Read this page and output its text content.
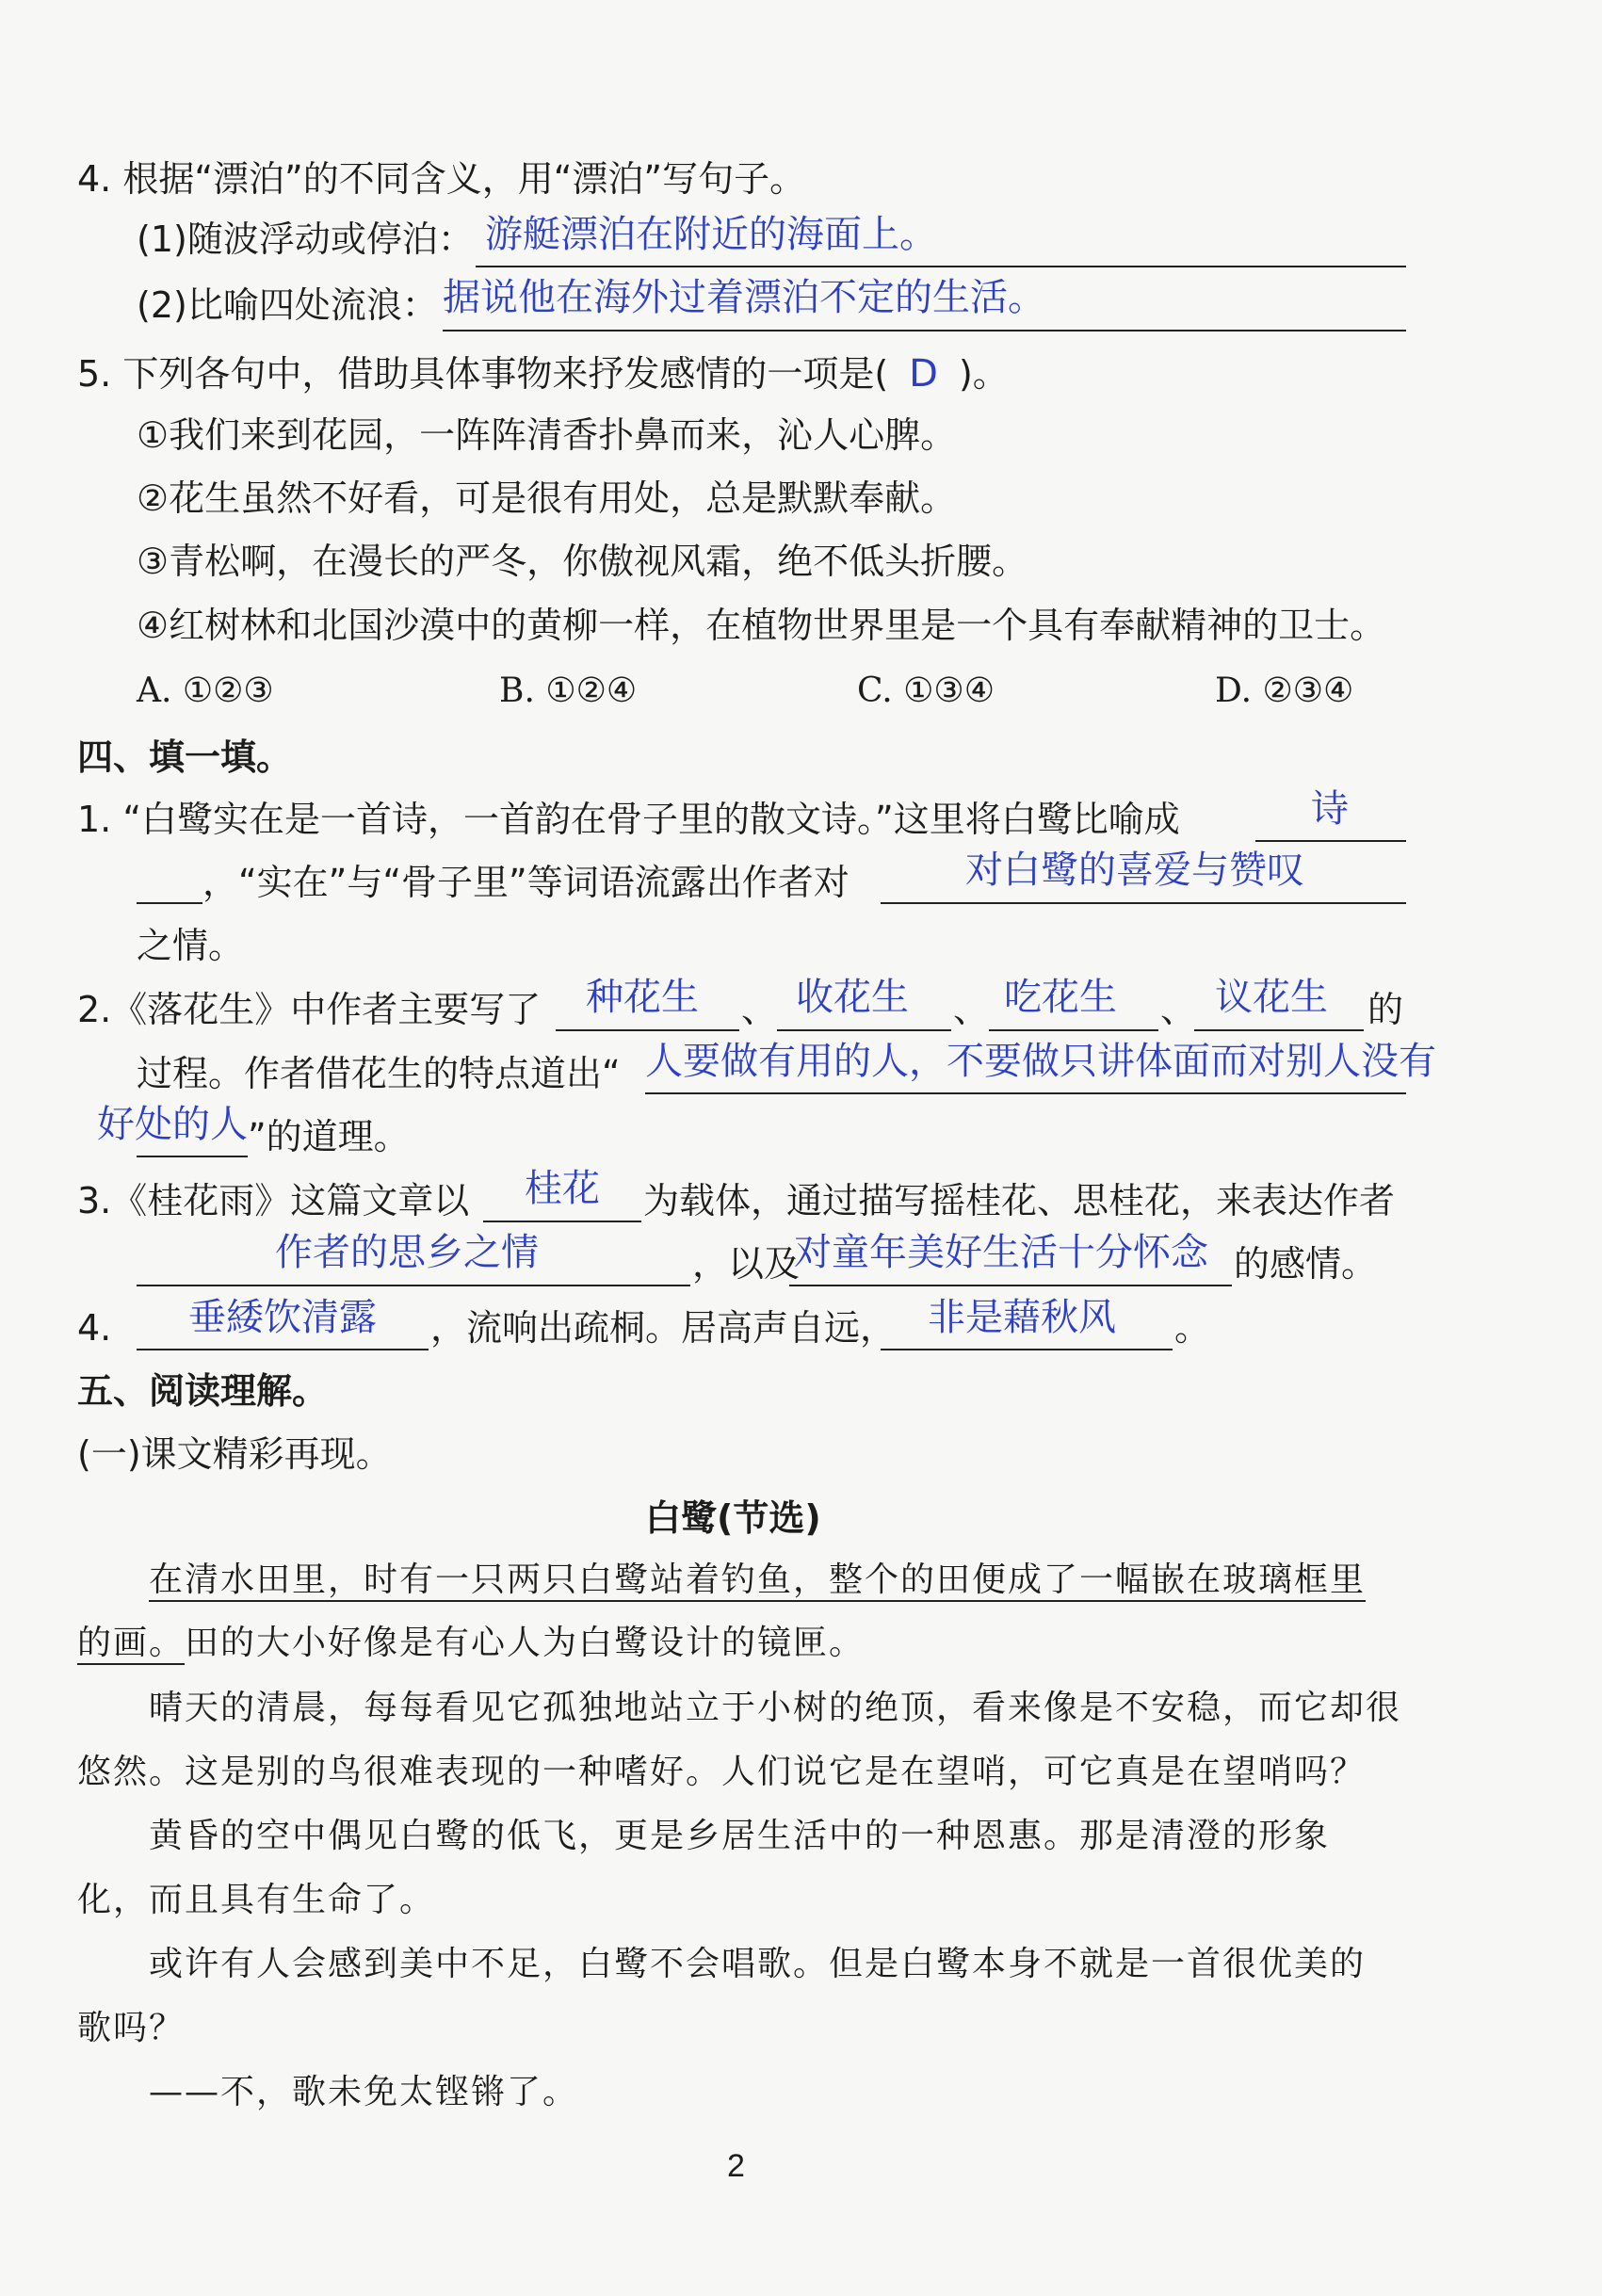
4. 根据“漂泊”的不同含义，用“漂泊”写句子。
(1)随波浮动或停泊： 游艇漂泊在附近的海面上。
(2)比喻四处流浪： 据说他在海外过着漂泊不定的生活。
5. 下列各句中，借助具体事物来抒发感情的一项是( D )。
①我们来到花园，一阵阵清香扑鼻而来，沁人心脾。
②花生虽然不好看，可是很有用处，总是默默奉献。
③青松啊，在漫长的严冬，你傲视风霜，绝不低头折腰。
④红树林和北国沙漠中的黄柳一样，在植物世界里是一个具有奉献精神的卫士。
A. ①②③	B. ①②④	C. ①③④	D. ②③④
四、填一填。
1. “白鹭实在是一首诗，一首韵在骨子里的散文诗。”这里将白鹭比喻成	诗
，“实在”与“骨子里”等词语流露出作者对	对白鹭的喜爱与赞叹
之情。
2.《落花生》中作者主要写了 种花生 、 收花生 、 吃花生 、 议花生 的
过程。作者借花生的特点道出“ 人要做有用的人，不要做只讲体面而对别人没有
好处的人 ”的道理。
3.《桂花雨》这篇文章以 桂花 为载体，通过描写摇桂花、思桂花，来表达作者
作者的思乡之情	，以及
对童年美好生活十分怀念 的感情。
4. 垂緌饮清露 ，流响出疏桐。居高声自远， 非是藉秋风 。
五、阅读理解。
(一)课文精彩再现。
白鹭(节选)
在清水田里，时有一只两只白鹭站着钓鱼，整个的田便成了一幅嵌在玻璃框里
的画。田的大小好像是有心人为白鹭设计的镜匣。
晴天的清晨，每每看见它孤独地站立于小树的绝顶，看来像是不安稳，而它却很
悠然。这是别的鸟很难表现的一种嗜好。人们说它是在望哨，可它真是在望哨吗？
黄昏的空中偶见白鹭的低飞，更是乡居生活中的一种恩惠。那是清澄的形象
化，而且具有生命了。
或许有人会感到美中不足，白鹭不会唱歌。但是白鹭本身不就是一首很优美的
歌吗？
——不，歌未免太铿锵了。
2
